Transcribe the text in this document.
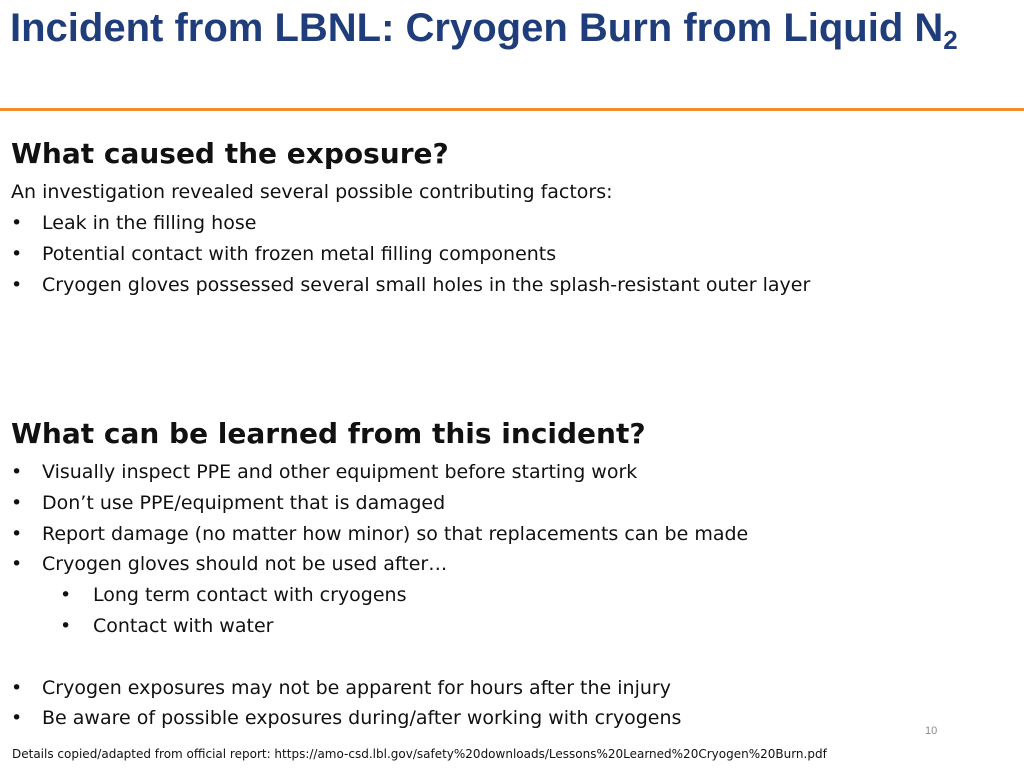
Incident from LBNL: Cryogen Burn from Liquid $N_2$
What caused the exposure?

An investigation revealed several possible contributing factors:

• Leak in the filling hose
• Potential contact with frozen metal filling components
• Cryogen gloves possessed several small holes in the splash-resistant outer layer
What can be learned from this incident?
• Visually inspect PPE and other equipment before starting work
• Don’t use PPE/equipment that is damaged
• Report damage (no matter how minor) so that replacements can be made
• Cryogen gloves should not be used after…
• Long term contact with cryogens
• Contact with water
• Cryogen exposures may not be apparent for hours after the injury
• Be aware of possible exposures during/after working with cryogens
10
Details copied/adapted from official report: https://amo-csd.lbl.gov/safety%20downloads/Lessons%20Learned%20Cryogen%20Burn.pdf
